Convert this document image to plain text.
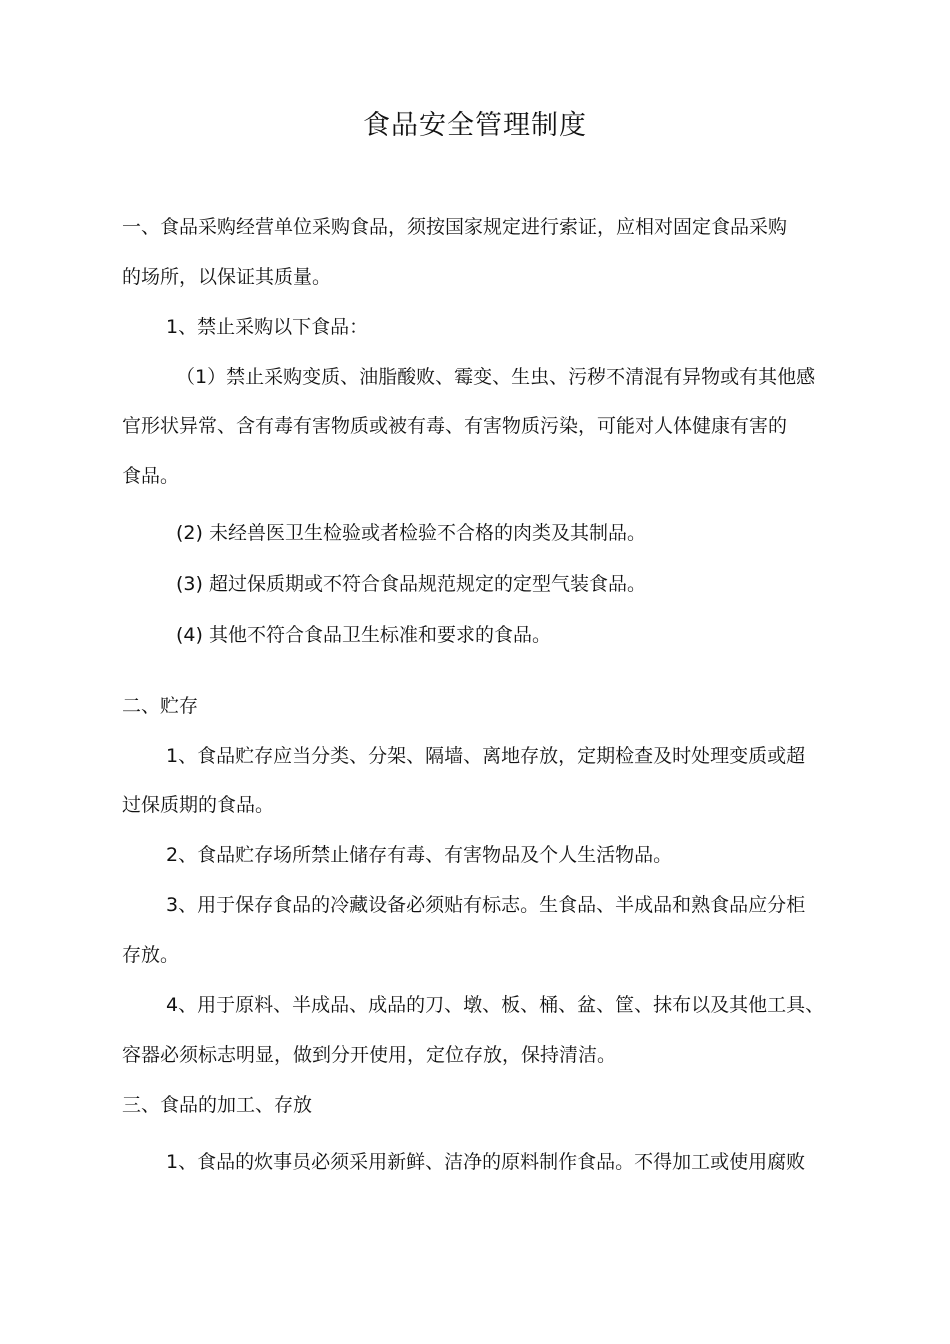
食品安全管理制度
一、食品采购经营单位采购食品，须按国家规定进行索证，应相对固定食品采购
的场所，以保证其质量。
1、禁止采购以下食品：
（1）禁止采购变质、油脂酸败、霉变、生虫、污秽不清混有异物或有其他感
官形状异常、含有毒有害物质或被有毒、有害物质污染，可能对人体健康有害的
食品。
(2) 未经兽医卫生检验或者检验不合格的肉类及其制品。
(3) 超过保质期或不符合食品规范规定的定型气装食品。
(4) 其他不符合食品卫生标准和要求的食品。
二、贮存
1、食品贮存应当分类、分架、隔墙、离地存放，定期检查及时处理变质或超
过保质期的食品。
2、食品贮存场所禁止储存有毒、有害物品及个人生活物品。
3、用于保存食品的冷藏设备必须贴有标志。生食品、半成品和熟食品应分柜
存放。
4、用于原料、半成品、成品的刀、墩、板、桶、盆、筐、抹布以及其他工具、
容器必须标志明显，做到分开使用，定位存放，保持清洁。
三、食品的加工、存放
1、食品的炊事员必须采用新鲜、洁净的原料制作食品。不得加工或使用腐败
